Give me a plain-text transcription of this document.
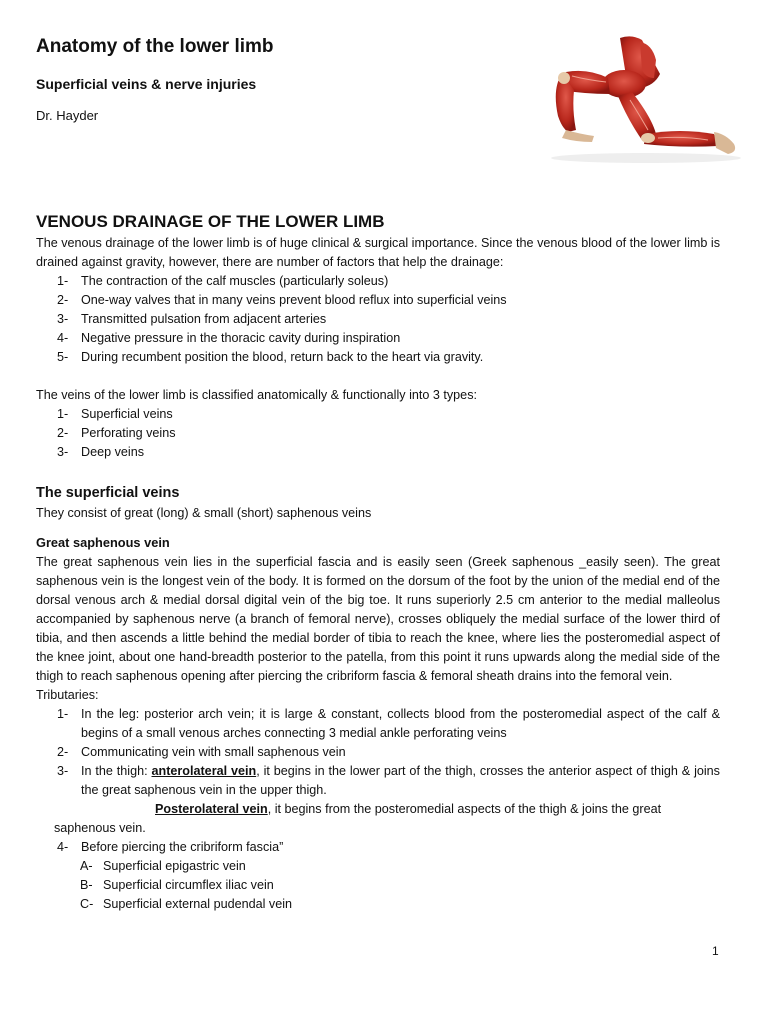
Anatomy of the lower limb
Superficial veins & nerve injuries
Dr. Hayder
VENOUS DRAINAGE OF THE LOWER LIMB

The venous drainage of the lower limb is of huge clinical & surgical importance. Since the venous blood of the lower limb is drained against gravity, however, there are number of factors that help the drainage:

1- The contraction of the calf muscles (particularly soleus)
2- One-way valves that in many veins prevent blood reflux into superficial veins
3- Transmitted pulsation from adjacent arteries
4- Negative pressure in the thoracic cavity during inspiration
5- During recumbent position the blood, return back to the heart via gravity.

The veins of the lower limb is classified anatomically & functionally into 3 types:

1- Superficial veins
2- Perforating veins
3- Deep veins
The superficial veins

They consist of great (long) & small (short) saphenous veins

Great saphenous vein

The great saphenous vein lies in the superficial fascia and is easily seen (Greek saphenous _easily seen). The great saphenous vein is the longest vein of the body. It is formed on the dorsum of the foot by the union of the medial end of the dorsal venous arch & medial dorsal digital vein of the big toe. It runs superiorly 2.5 cm anterior to the medial malleolus accompanied by saphenous nerve (a branch of femoral nerve), crosses obliquely the medial surface of the lower third of tibia, and then ascends a little behind the medial border of tibia to reach the knee, where lies the posteromedial aspect of the knee joint, about one hand-breadth posterior to the patella, from this point it runs upwards along the medial side of the thigh to reach saphenous opening after piercing the cribriform fascia & femoral sheath drains into the femoral vein.

Tributaries:

1- In the leg: posterior arch vein; it is large & constant, collects blood from the posteromedial aspect of the calf & begins of a small venous arches connecting 3 medial ankle perforating veins
2- Communicating vein with small saphenous vein
3- In the thigh: anterolateral vein, it begins in the lower part of the thigh, crosses the anterior aspect of thigh & joins the great saphenous vein in the upper thigh.

Posterolateral vein, it begins from the posteromedial aspects of the thigh & joins the great

saphenous vein.

4- Before piercing the cribriform fascia”
A- Superficial epigastric vein
B- Superficial circumflex iliac vein
C- Superficial external pudendal vein
1
